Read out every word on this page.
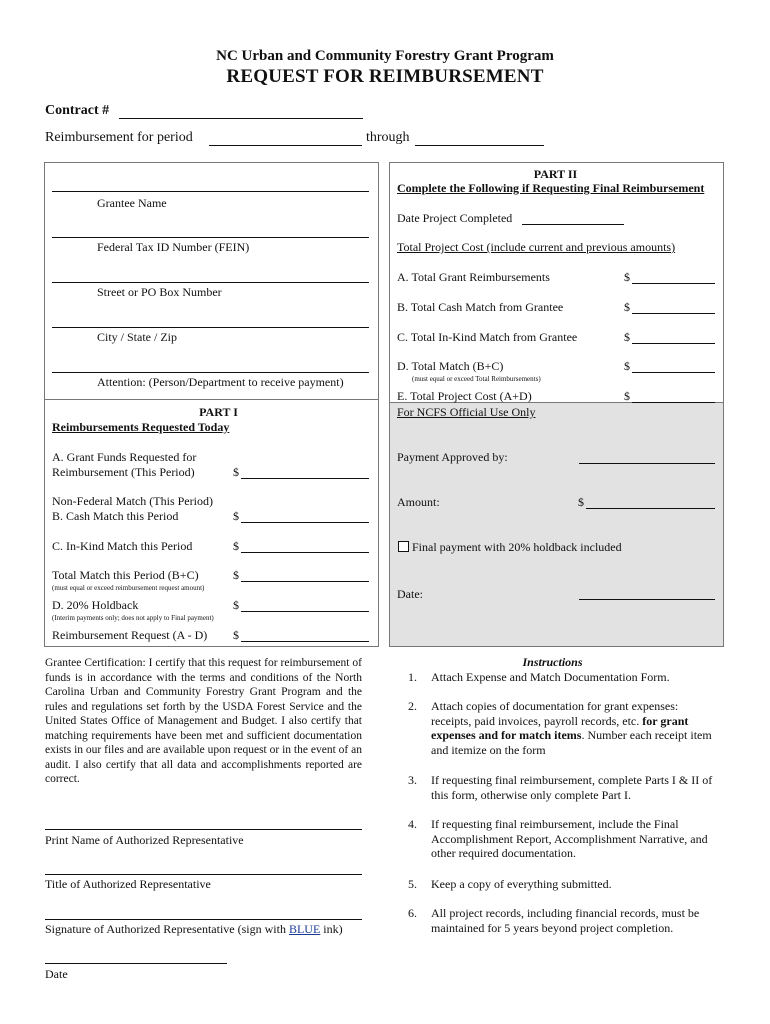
NC Urban and Community Forestry Grant Program
REQUEST FOR REIMBURSEMENT
Contract #
Reimbursement for period	through
Grantee Name
Federal Tax ID Number (FEIN)
Street or PO Box Number
City / State / Zip
Attention: (Person/Department to receive payment)
PART I
Reimbursements Requested Today
A. Grant Funds Requested for
Reimbursement (This Period)	$
Non-Federal Match (This Period)
B. Cash Match this Period	$
C. In-Kind Match this Period	$
Total Match this Period (B+C)	$
(must equal or exceed reimbursement request amount)
D. 20% Holdback	$
(Interim payments only; does not apply to Final payment)
Reimbursement Request (A - D) $
PART II
Complete the Following if Requesting Final Reimbursement
Date Project Completed
Total Project Cost (include current and previous amounts)
A. Total Grant Reimbursements	$
B. Total Cash Match from Grantee	$
C. Total In-Kind Match from Grantee	$
D. Total Match (B+C)	$
(must equal or exceed Total Reimbursements)
E. Total Project Cost (A+D)	$
For NCFS Official Use Only
Payment Approved by:
Amount:	$
Final payment with 20% holdback included
Date:
Grantee Certification: I certify that this request for reimbursement of funds is in accordance with the terms and conditions of the North Carolina Urban and Community Forestry Grant Program and the rules and regulations set forth by the USDA Forest Service and the United States Office of Management and Budget. I also certify that matching requirements have been met and sufficient documentation exists in our files and are available upon request or in the event of an audit. I also certify that all data and accomplishments reported are correct.
Print Name of Authorized Representative
Title of Authorized Representative
Signature of Authorized Representative (sign with BLUE ink)
Date
Instructions
1. Attach Expense and Match Documentation Form.
2. Attach copies of documentation for grant expenses: receipts, paid invoices, payroll records, etc. for grant expenses and for match items. Number each receipt item and itemize on the form
3. If requesting final reimbursement, complete Parts I & II of this form, otherwise only complete Part I.
4. If requesting final reimbursement, include the Final Accomplishment Report, Accomplishment Narrative, and other required documentation.
5. Keep a copy of everything submitted.
6. All project records, including financial records, must be maintained for 5 years beyond project completion.
